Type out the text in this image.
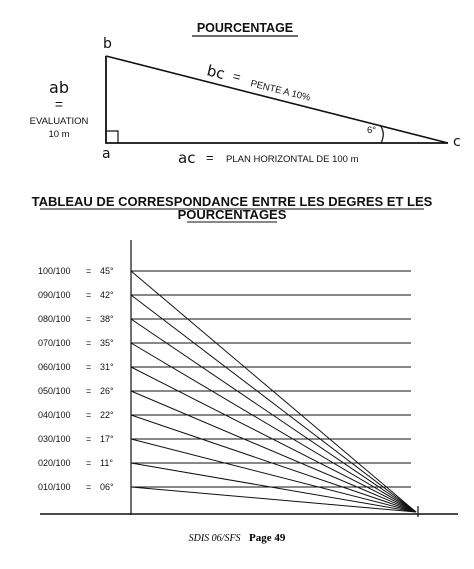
POURCENTAGE
b
a
c
ab
=
EVALUATION
10 m
bc =
PENTE A 10%
6°
ac = PLAN HORIZONTAL DE 100 m
TABLEAU DE CORRESPONDANCE ENTRE LES DEGRES ET LES
POURCENTAGES
100/100 = 45°
090/100 = 42°
080/100 = 38°
070/100 = 35°
060/100 = 31°
050/100 = 26°
040/100 = 22°
030/100 = 17°
020/100 = 11°
010/100 = 06°
SDIS 06/SFS Page 49
